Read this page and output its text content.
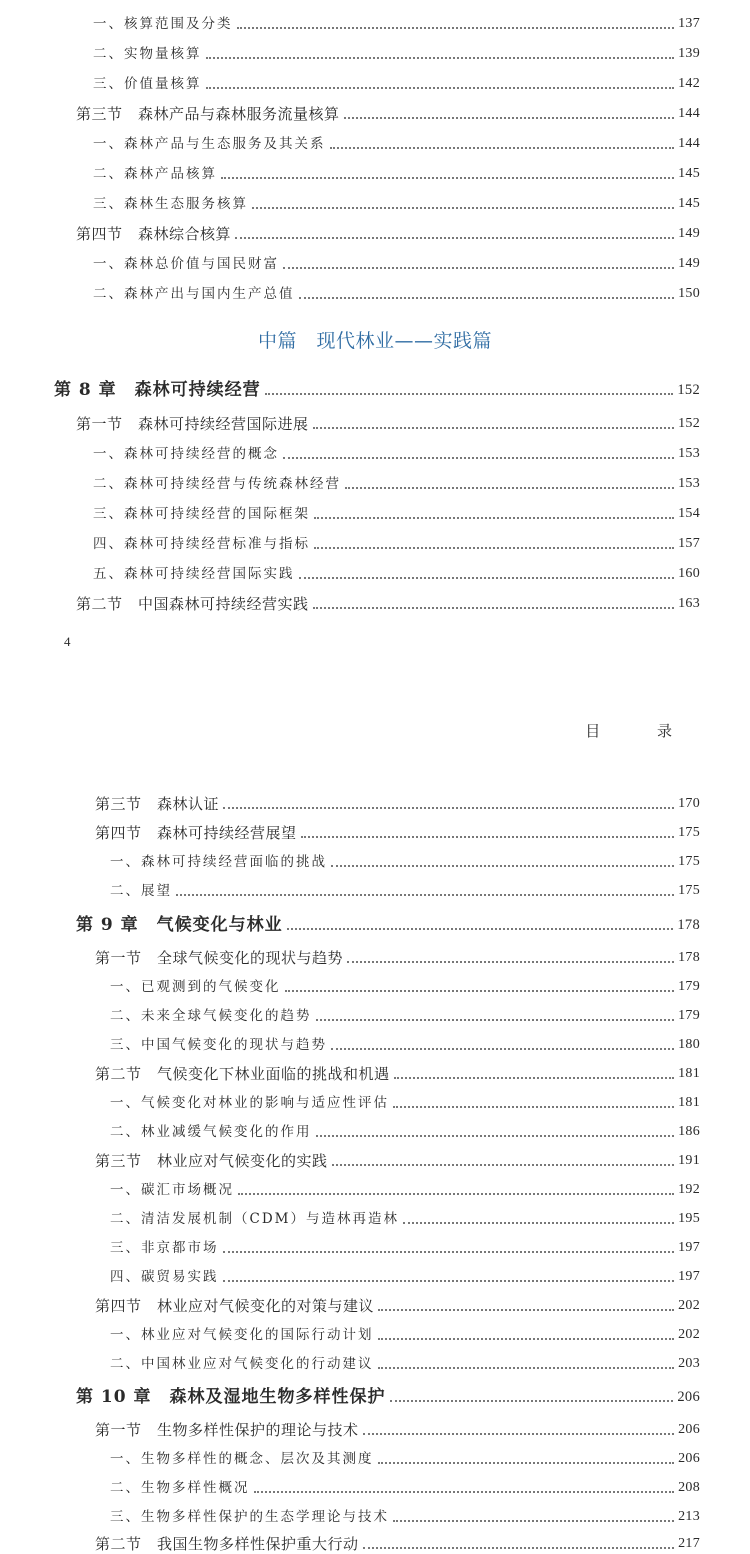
中篇　现代林业——实践篇
4
一、核算范围及分类	137
二、实物量核算	139
三、价值量核算	142
第三节　森林产品与森林服务流量核算	144
一、森林产品与生态服务及其关系	144
二、森林产品核算	145
三、森林生态服务核算	145
第四节　森林综合核算	149
一、森林总价值与国民财富	149
二、森林产出与国内生产总值	150
第 8 章　森林可持续经营	152
第一节　森林可持续经营国际进展	152
一、森林可持续经营的概念	153
二、森林可持续经营与传统森林经营	153
三、森林可持续经营的国际框架	154
四、森林可持续经营标准与指标	157
五、森林可持续经营国际实践	160
第二节　中国森林可持续经营实践	163
目 录
第三节　森林认证	170
第四节　森林可持续经营展望	175
一、森林可持续经营面临的挑战	175
二、展望	175
第 9 章　气候变化与林业	178
第一节　全球气候变化的现状与趋势	178
一、已观测到的气候变化	179
二、未来全球气候变化的趋势	179
三、中国气候变化的现状与趋势	180
第二节　气候变化下林业面临的挑战和机遇	181
一、气候变化对林业的影响与适应性评估	181
二、林业减缓气候变化的作用	186
第三节　林业应对气候变化的实践	191
一、碳汇市场概况	192
二、清洁发展机制（CDM）与造林再造林	195
三、非京都市场	197
四、碳贸易实践	197
第四节　林业应对气候变化的对策与建议	202
一、林业应对气候变化的国际行动计划	202
二、中国林业应对气候变化的行动建议	203
第 10 章　森林及湿地生物多样性保护	206
第一节　生物多样性保护的理论与技术	206
一、生物多样性的概念、层次及其测度	206
二、生物多样性概况	208
三、生物多样性保护的生态学理论与技术	213
第二节　我国生物多样性保护重大行动	217
